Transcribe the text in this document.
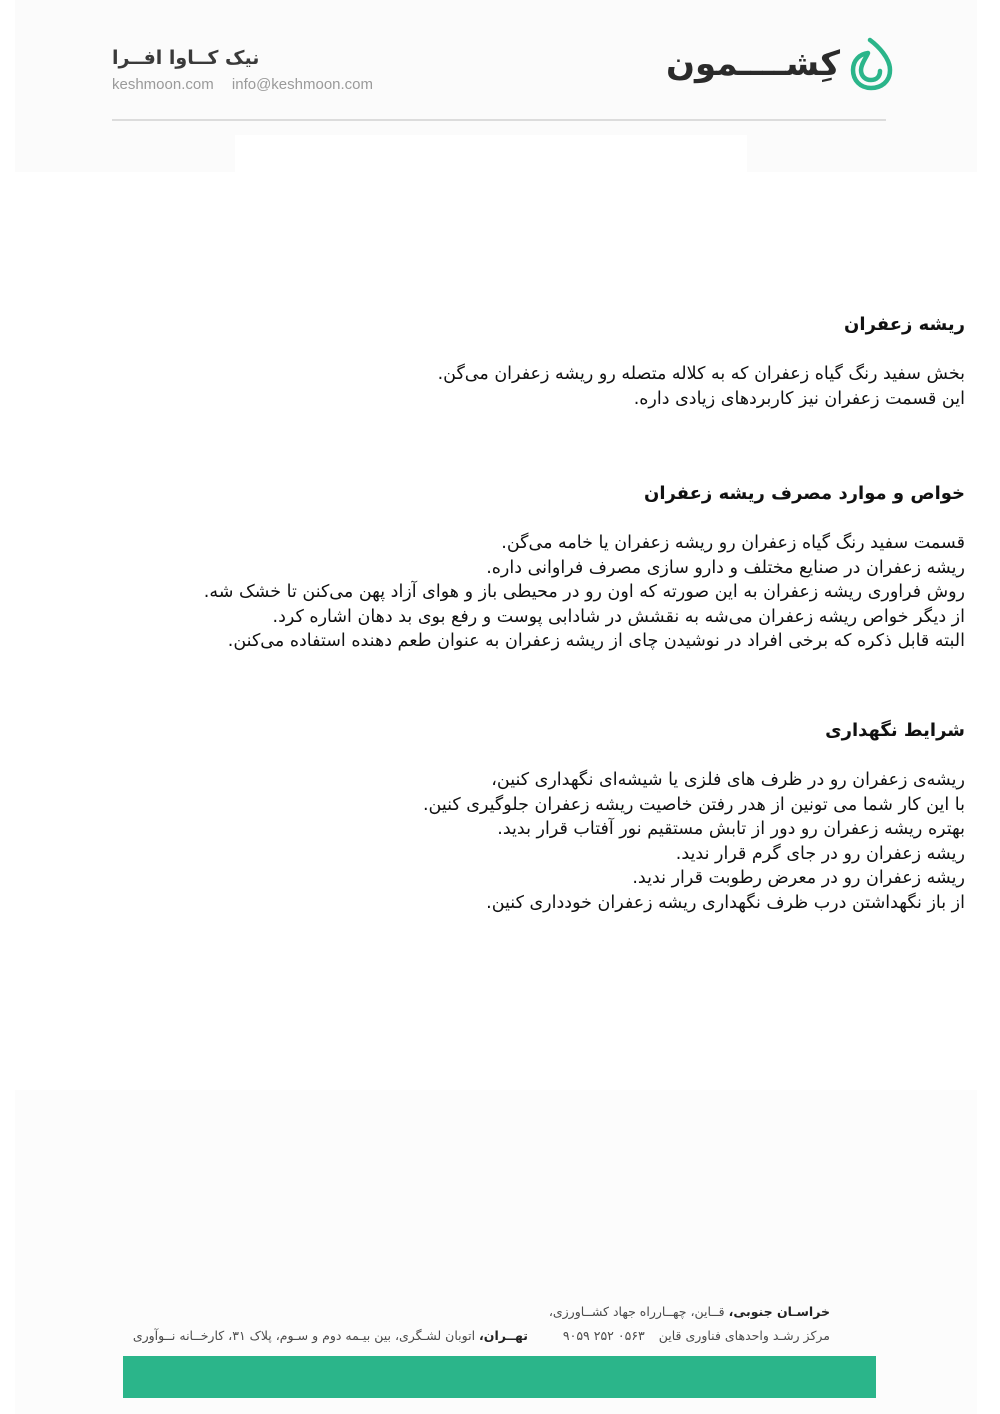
نیک کــاوا افــرا
keshmoon.com info@keshmoon.com
کِشــــمون
ریشه زعفران
بخش سفید رنگ گیاه زعفران که به کلاله متصله رو ریشه زعفران می‌گن.
این قسمت زعفران نیز کاربردهای زیادی داره.
خواص و موارد مصرف ریشه زعفران
قسمت سفید رنگ گیاه زعفران رو ریشه زعفران یا خامه می‌گن.
ریشه زعفران در صنایع مختلف و دارو سازی مصرف فراوانی داره.
روش فراوری ریشه زعفران به این صورته که اون رو در محیطی باز و هوای آزاد پهن می‌کنن تا خشک شه.
از دیگر خواص ریشه زعفران می‌شه به نقشش در شادابی پوست و رفع بوی بد دهان اشاره کرد.
البته قابل ذکره که برخی افراد در نوشیدن چای از ریشه زعفران به عنوان طعم دهنده استفاده می‌کنن.
شرایط نگهداری
ریشه‌ی زعفران رو در ظرف های فلزی یا شیشه‌ای نگهداری کنین،
با این کار شما می تونین از هدر رفتن خاصیت ریشه زعفران جلوگیری کنین.
بهتره ریشه زعفران رو دور از تابش مستقیم نور آفتاب قرار بدید.
ریشه زعفران رو در جای گرم قرار ندید.
ریشه زعفران رو در معرض رطوبت قرار ندید.
از باز نگهداشتن درب ظرف نگهداری ریشه زعفران خودداری کنین.
خراسـان جنوبی، قــاین، چهــارراه جهاد کشــاورزی،
مرکز رشـد واحدهای فناوری قاین۰۵۶۳ ۲۵۲ ۹۰۵۹
تهــران، اتوبان لشـگری، بین بیـمه دوم و سـوم، پلاک ۳۱، کارخــانه نــوآوری
